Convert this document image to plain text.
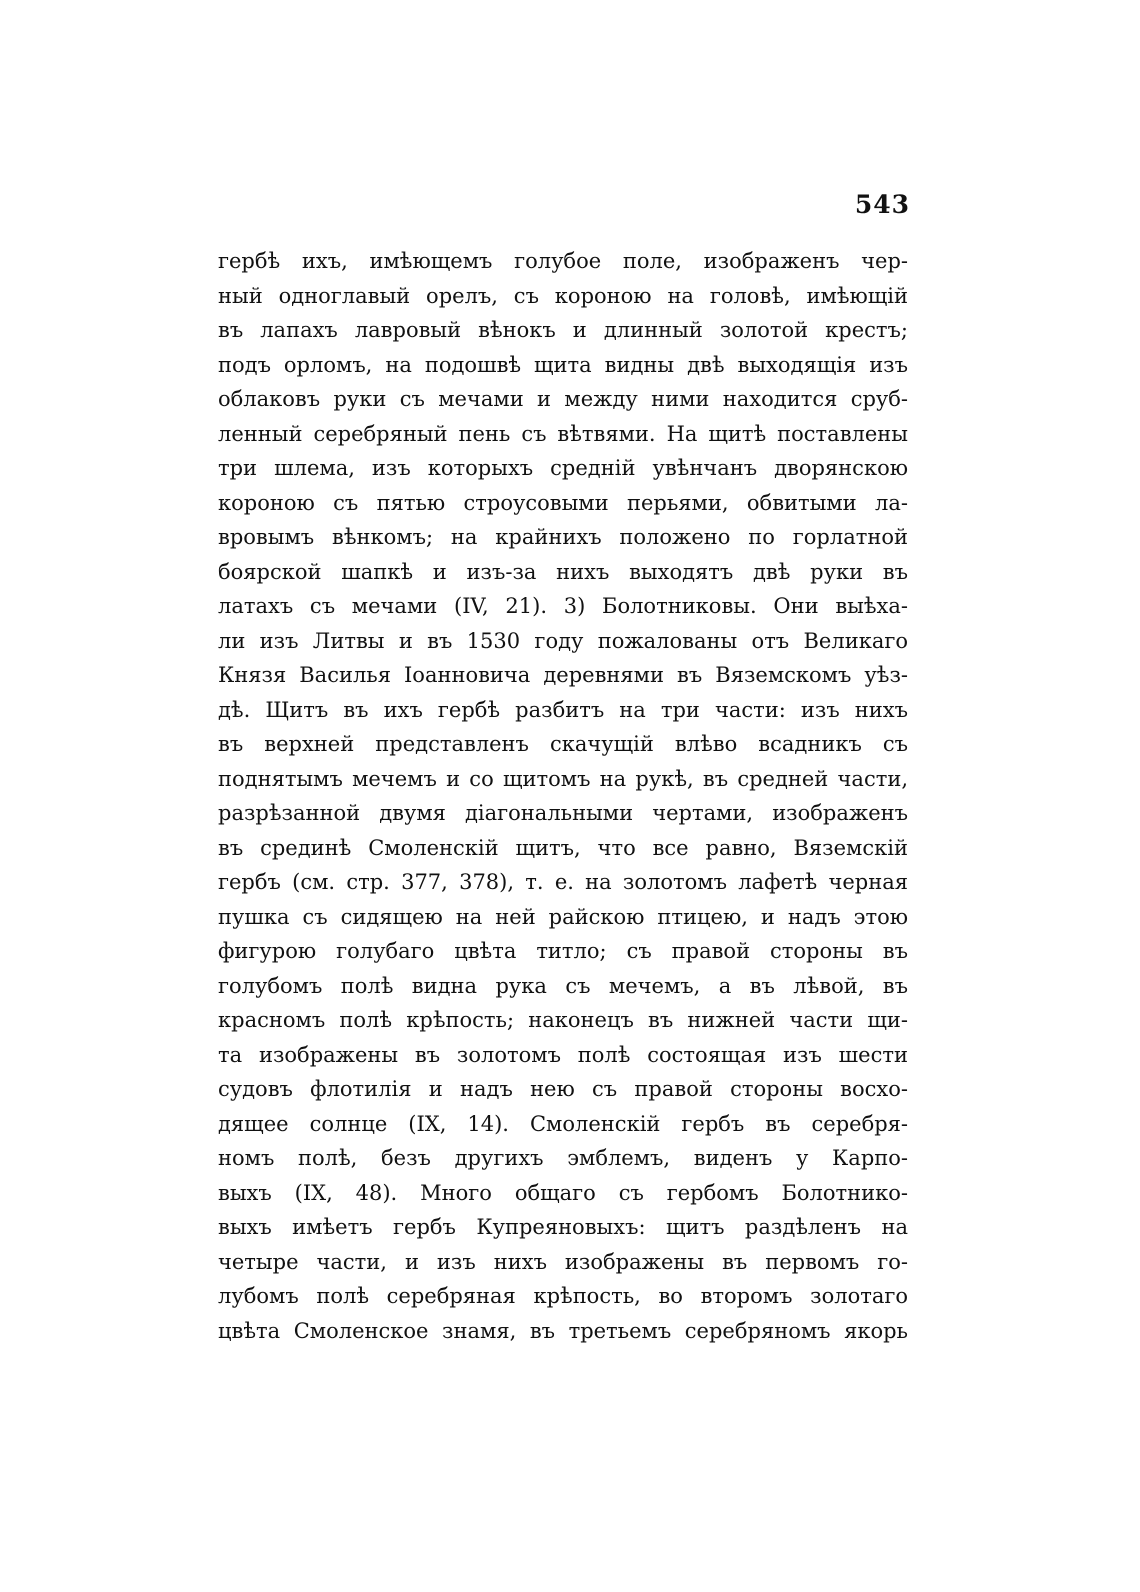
543
гербѣ ихъ, имѣющемъ голубое поле, изображенъ чер-
ный одноглавый орелъ, съ короною на головѣ, имѣющій
въ лапахъ лавровый вѣнокъ и длинный золотой крестъ;
подъ орломъ, на подошвѣ щита видны двѣ выходящія изъ
облаковъ руки съ мечами и между ними находится сруб-
ленный серебряный пень съ вѣтвями. На щитѣ поставлены
три шлема, изъ которыхъ средній увѣнчанъ дворянскою
короною съ пятью строусовыми перьями, обвитыми ла-
вровымъ вѣнкомъ; на крайнихъ положено по горлатной
боярской шапкѣ и изъ-за нихъ выходятъ двѣ руки въ
латахъ съ мечами (IV, 21). 3) Болотниковы. Они выѣха-
ли изъ Литвы и въ 1530 году пожалованы отъ Великаго
Князя Василья Іоанновича деревнями въ Вяземскомъ уѣз-
дѣ. Щитъ въ ихъ гербѣ разбитъ на три части: изъ нихъ
въ верхней представленъ скачущій влѣво всадникъ съ
поднятымъ мечемъ и со щитомъ на рукѣ, въ средней части,
разрѣзанной двумя діагональными чертами, изображенъ
въ срединѣ Смоленскій щитъ, что все равно, Вяземскій
гербъ (см. стр. 377, 378), т. е. на золотомъ лафетѣ черная
пушка съ сидящею на ней райскою птицею, и надъ этою
фигурою голубаго цвѣта титло; съ правой стороны въ
голубомъ полѣ видна рука съ мечемъ, а въ лѣвой, въ
красномъ полѣ крѣпость; наконецъ въ нижней части щи-
та изображены въ золотомъ полѣ состоящая изъ шести
судовъ флотилія и надъ нею съ правой стороны восхо-
дящее солнце (IX, 14). Смоленскій гербъ въ серебря-
номъ полѣ, безъ другихъ эмблемъ, виденъ у Карпо-
выхъ (IX, 48). Много общаго съ гербомъ Болотнико-
выхъ имѣетъ гербъ Купреяновыхъ: щитъ раздѣленъ на
четыре части, и изъ нихъ изображены въ первомъ го-
лубомъ полѣ серебряная крѣпость, во второмъ золотаго
цвѣта Смоленское знамя, въ третьемъ серебряномъ якорь
